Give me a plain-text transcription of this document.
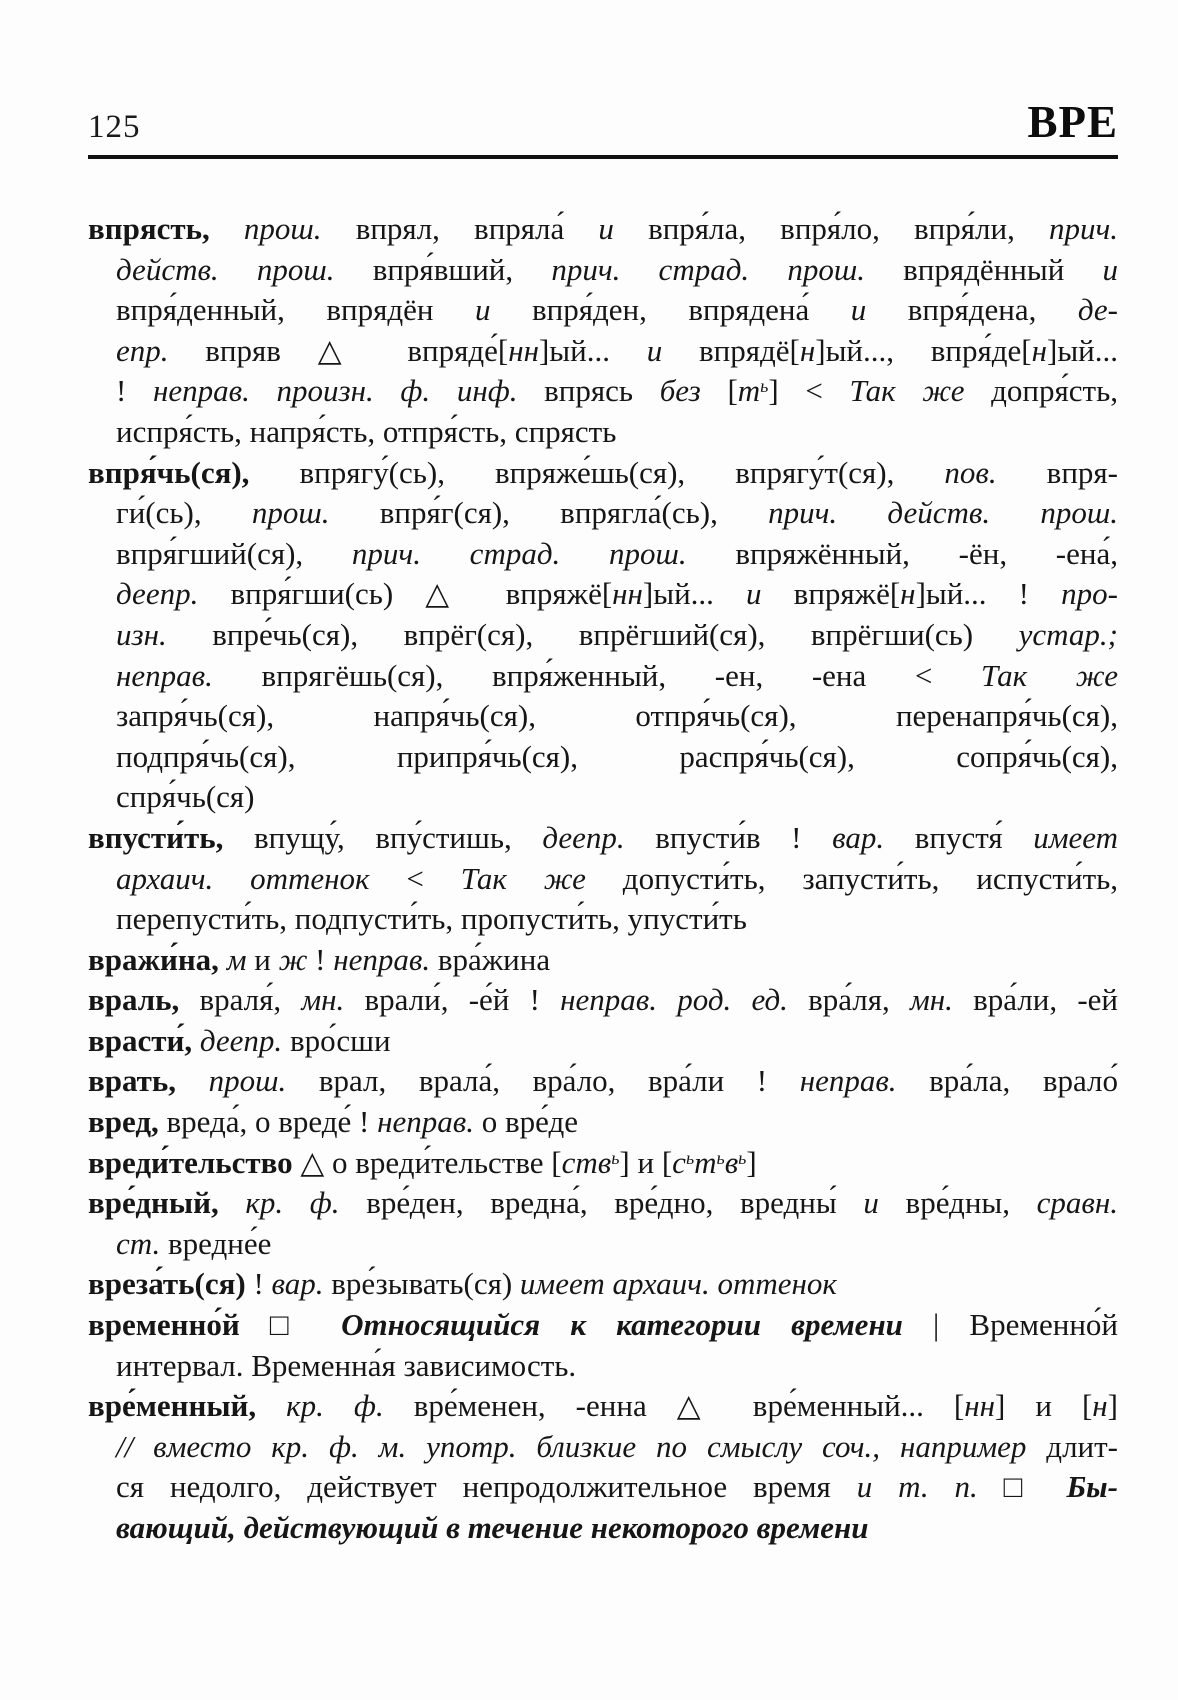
125	ВРЕ
впрясть, прош. впрял, впряла́ и впря́ла, впря́ло, впря́ли, прич.
действ. прош. впря́вший, прич. страд. прош. впрядённый и
впря́денный, впрядён и впря́ден, впрядена́ и впря́дена, де-
епр. впряв △ впряде́[нн]ый... и впрядё[н]ый..., впря́де[н]ый...
! неправ. произн. ф. инф. впрясь без $[т^ь]$ < Так же допря́сть,
испря́сть, напря́сть, отпря́сть, спрясть
впря́чь(ся), впрягу́(сь), впряже́шь(ся), впрягу́т(ся), пов. впря-
ги́(сь), прош. впря́г(ся), впрягла́(сь), прич. действ. прош.
впря́гший(ся), прич. страд. прош. впряжённый, -ён, -ена́,
деепр. впря́гши(сь) △ впряжё[нн]ый... и впряжё[н]ый... ! про-
изн. впре́чь(ся), впрёг(ся), впрёгший(ся), впрёгши(сь) устар.;
неправ. впрягёшь(ся), впря́женный, -ен, -ена < Так же
запря́чь(ся), напря́чь(ся), отпря́чь(ся), перенапря́чь(ся),
подпря́чь(ся), припря́чь(ся), распря́чь(ся), сопря́чь(ся),
спря́чь(ся)
впусти́ть, впущу́, впу́стишь, деепр. впусти́в ! вар. впустя́ имеет
архаич. оттенок < Так же допусти́ть, запусти́ть, испусти́ть,
перепусти́ть, подпусти́ть, пропусти́ть, упусти́ть
вражи́на, м и ж ! неправ. вра́жина
враль, враля́, мн. врали́, -е́й ! неправ. род. ед. вра́ля, мн. вра́ли, -ей
врасти́, деепр. вро́сши
врать, прош. врал, врала́, вра́ло, вра́ли ! неправ. вра́ла, врало́
вред, вреда́, о вреде́ ! неправ. о вре́де
вреди́тельство △ о вреди́тельстве [ств$^ь$] и $[с^ьт^ьв^ь]$
вре́дный, кр. ф. вре́ден, вредна́, вре́дно, вредны́ и вре́дны, сравн.
ст. вредне́е
вреза́ть(ся) ! вар. вре́зывать(ся) имеет архаич. оттенок
временно́й □ Относящийся к категории времени | Временно́й
интервал. Временна́я зависимость.
вре́менный, кр. ф. вре́менен, -енна △ вре́менный... [нн] и [н]
// вместо кр. ф. м. употр. близкие по смыслу соч., например длит-
ся недолго, действует непродолжительное время и т. п. □ Бы-
вающий, действующий в течение некоторого времени
